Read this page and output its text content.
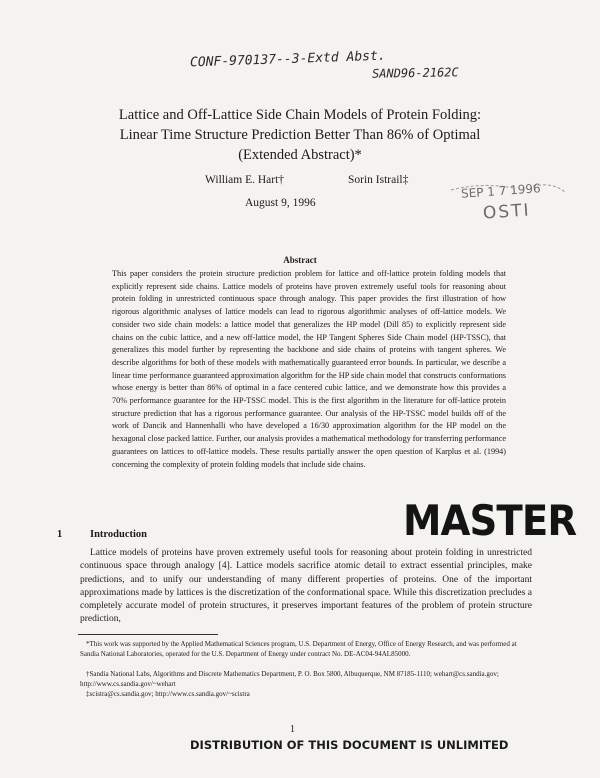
CONF-970137--3-Extd Abst.
SAND96-2162C
Lattice and Off-Lattice Side Chain Models of Protein Folding:
Linear Time Structure Prediction Better Than 86% of Optimal
(Extended Abstract)*
William E. Hart†	Sorin Istrail‡
August 9, 1996
SEP 1 7 1996
OSTI
Abstract
This paper considers the protein structure prediction problem for lattice and off-lattice protein folding models that explicitly represent side chains. Lattice models of proteins have proven extremely useful tools for reasoning about protein folding in unrestricted continuous space through analogy. This paper provides the first illustration of how rigorous algorithmic analyses of lattice models can lead to rigorous algorithmic analyses of off-lattice models. We consider two side chain models: a lattice model that generalizes the HP model (Dill 85) to explicitly represent side chains on the cubic lattice, and a new off-lattice model, the HP Tangent Spheres Side Chain model (HP-TSSC), that generalizes this model further by representing the backbone and side chains of proteins with tangent spheres. We describe algorithms for both of these models with mathematically guaranteed error bounds. In particular, we describe a linear time performance guaranteed approximation algorithm for the HP side chain model that constructs conformations whose energy is better than 86% of optimal in a face centered cubic lattice, and we demonstrate how this provides a 70% performance guarantee for the HP-TSSC model. This is the first algorithm in the literature for off-lattice protein structure prediction that has a rigorous performance guarantee. Our analysis of the HP-TSSC model builds off of the work of Dancik and Hannenhalli who have developed a 16/30 approximation algorithm for the HP model on the hexagonal close packed lattice. Further, our analysis provides a mathematical methodology for transferring performance guarantees on lattices to off-lattice models. These results partially answer the open question of Karplus et al. (1994) concerning the complexity of protein folding models that include side chains.
1	Introduction	MASTER
Lattice models of proteins have proven extremely useful tools for reasoning about protein folding in unrestricted continuous space through analogy [4]. Lattice models sacrifice atomic detail to extract essential principles, make predictions, and to unify our understanding of many different properties of proteins. One of the important approximations made by lattices is the discretization of the conformational space. While this discretization precludes a completely accurate model of protein structures, it preserves important features of the problem of protein structure prediction,
*This work was supported by the Applied Mathematical Sciences program, U.S. Department of Energy, Office of Energy Research, and was performed at Sandia National Laboratories, operated for the U.S. Department of Energy under contract No. DE-AC04-94AL85000.
†Sandia National Labs, Algorithms and Discrete Mathematics Department, P. O. Box 5800, Albuquerque, NM 87185-1110; wehart@cs.sandia.gov; http://www.cs.sandia.gov/~wehart
‡scistra@cs.sandia.gov; http://www.cs.sandia.gov/~scistra
1
DISTRIBUTION OF THIS DOCUMENT IS UNLIMITED
